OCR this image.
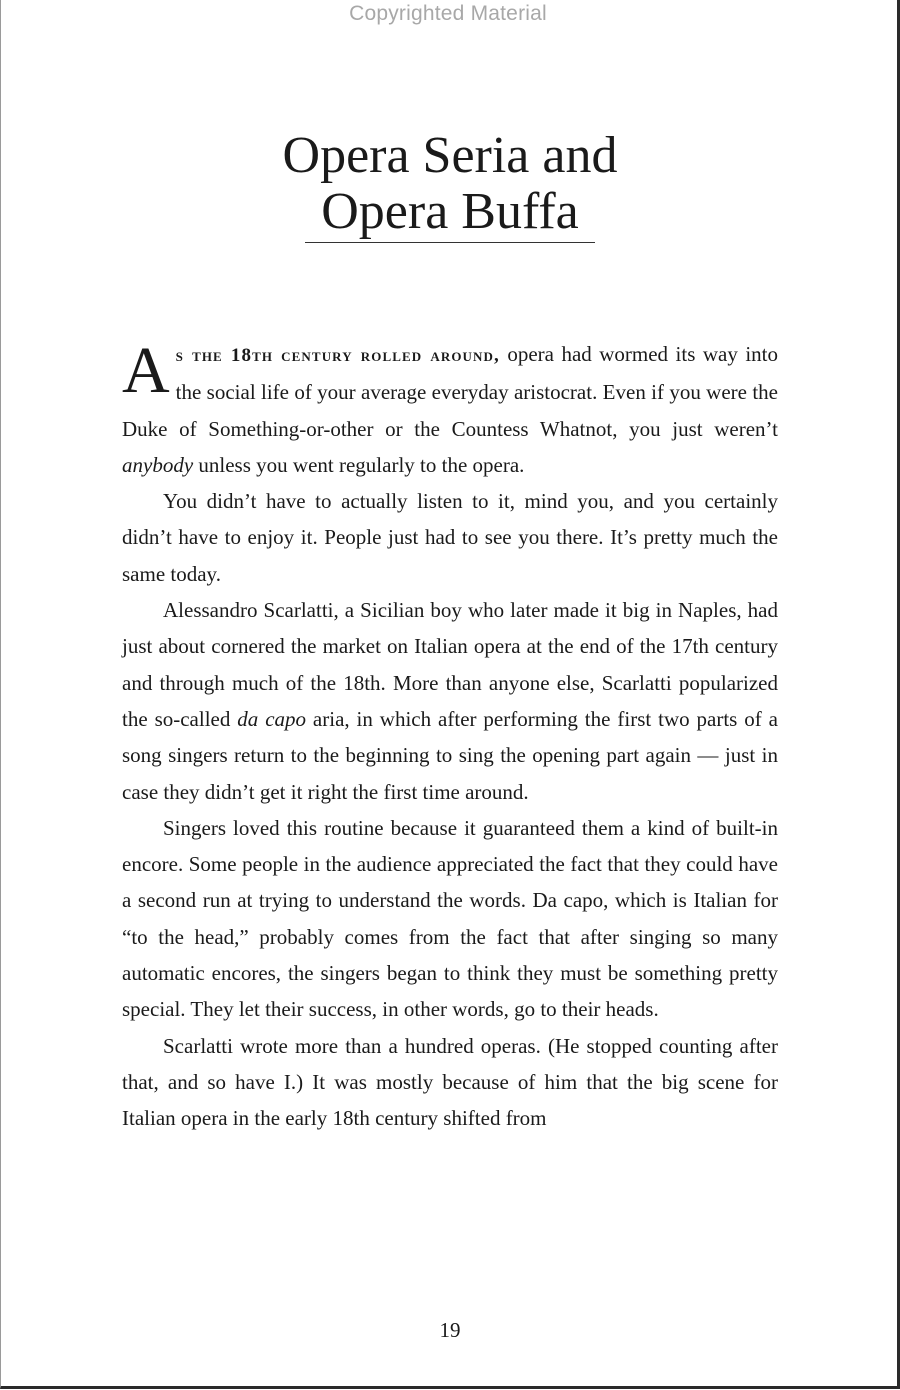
Copyrighted Material
Opera Seria and
Opera Buffa

As the 18th century rolled around, opera had wormed its way into the social life of your average everyday aristocrat. Even if you were the Duke of Something-or-other or the Countess Whatnot, you just weren’t anybody unless you went regularly to the opera.

You didn’t have to actually listen to it, mind you, and you certainly didn’t have to enjoy it. People just had to see you there. It’s pretty much the same today.

Alessandro Scarlatti, a Sicilian boy who later made it big in Naples, had just about cornered the market on Italian opera at the end of the 17th century and through much of the 18th. More than anyone else, Scarlatti popularized the so-called da capo aria, in which after performing the first two parts of a song singers return to the beginning to sing the opening part again — just in case they didn’t get it right the first time around.

Singers loved this routine because it guaranteed them a kind of built-in encore. Some people in the audience appreciated the fact that they could have a second run at trying to understand the words. Da capo, which is Italian for “to the head,” probably comes from the fact that after singing so many automatic encores, the singers began to think they must be something pretty special. They let their success, in other words, go to their heads.

Scarlatti wrote more than a hundred operas. (He stopped counting after that, and so have I.) It was mostly because of him that the big scene for Italian opera in the early 18th century shifted from

19
